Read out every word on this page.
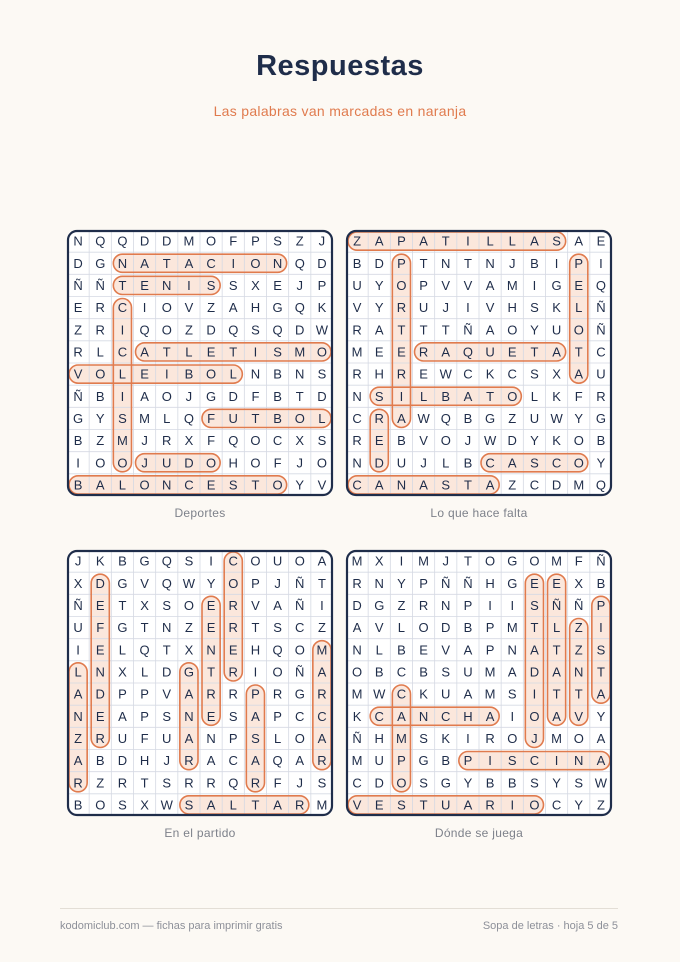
Respuestas
Las palabras van marcadas en naranja
N Q Q D D M O F P S Z J
D G N A T A C I O N Q D
Ñ Ñ T E N I S S X E J P
E R C I O V Z A H G Q K
Z R I Q O Z D Q S Q D W
R L C A T L E T I S M O
V O L E I B O L N B N S
Ñ B I A O J G D F B T D
G Y S M L Q F U T B O L
B Z M J R X F Q O C X S
I O O J U D O H O F J O
B A L O N C E S T O Y V
Deportes
Z A P A T I L L A S A E
B D P T N T N J B I P I
U Y O P V V A M I G E Q
V Y R U J I V H S K L Ñ
R A T T T Ñ A O Y U O Ñ
M E E R A Q U E T A T C
R H R E W C K C S X A U
N S I L B A T O L K F R
C R A W Q B G Z U W Y G
R E B V O J W D Y K O B
N D U J L B C A S C O Y
C A N A S T A Z C D M Q
Lo que hace falta
J K B G Q S I C O U O A
X D G V Q W Y O P J Ñ T
Ñ E T X S O E R V A Ñ I
U F G T N Z E R T S C Z
I E L Q T X N E H Q O M
L N X L D G T R I O Ñ A
A D P P V A R R P R G R
N E A P S N E S A P C C
Z R U F U A N P S L O A
A B D H J R A C A Q A R
R Z R T S R R Q R F J S
B O S X W S A L T A R M
En el partido
M X I M J T O G O M F Ñ
R N Y P Ñ Ñ H G E E X B
D G Z R N P I I S Ñ Ñ P
A V L O D B P M T L Z I
N L B E V A P N A T Z S
O B C B S U M A D A N T
M W C K U A M S I T T A
K C A N C H A I O A V Y
Ñ H M S K I R O J M O A
M U P G B P I S C I N A
C D O S G Y B B S Y S W
V E S T U A R I O C Y Z
Dónde se juega
kodomiclub.com — fichas para imprimir gratis	Sopa de letras · hoja 5 de 5
